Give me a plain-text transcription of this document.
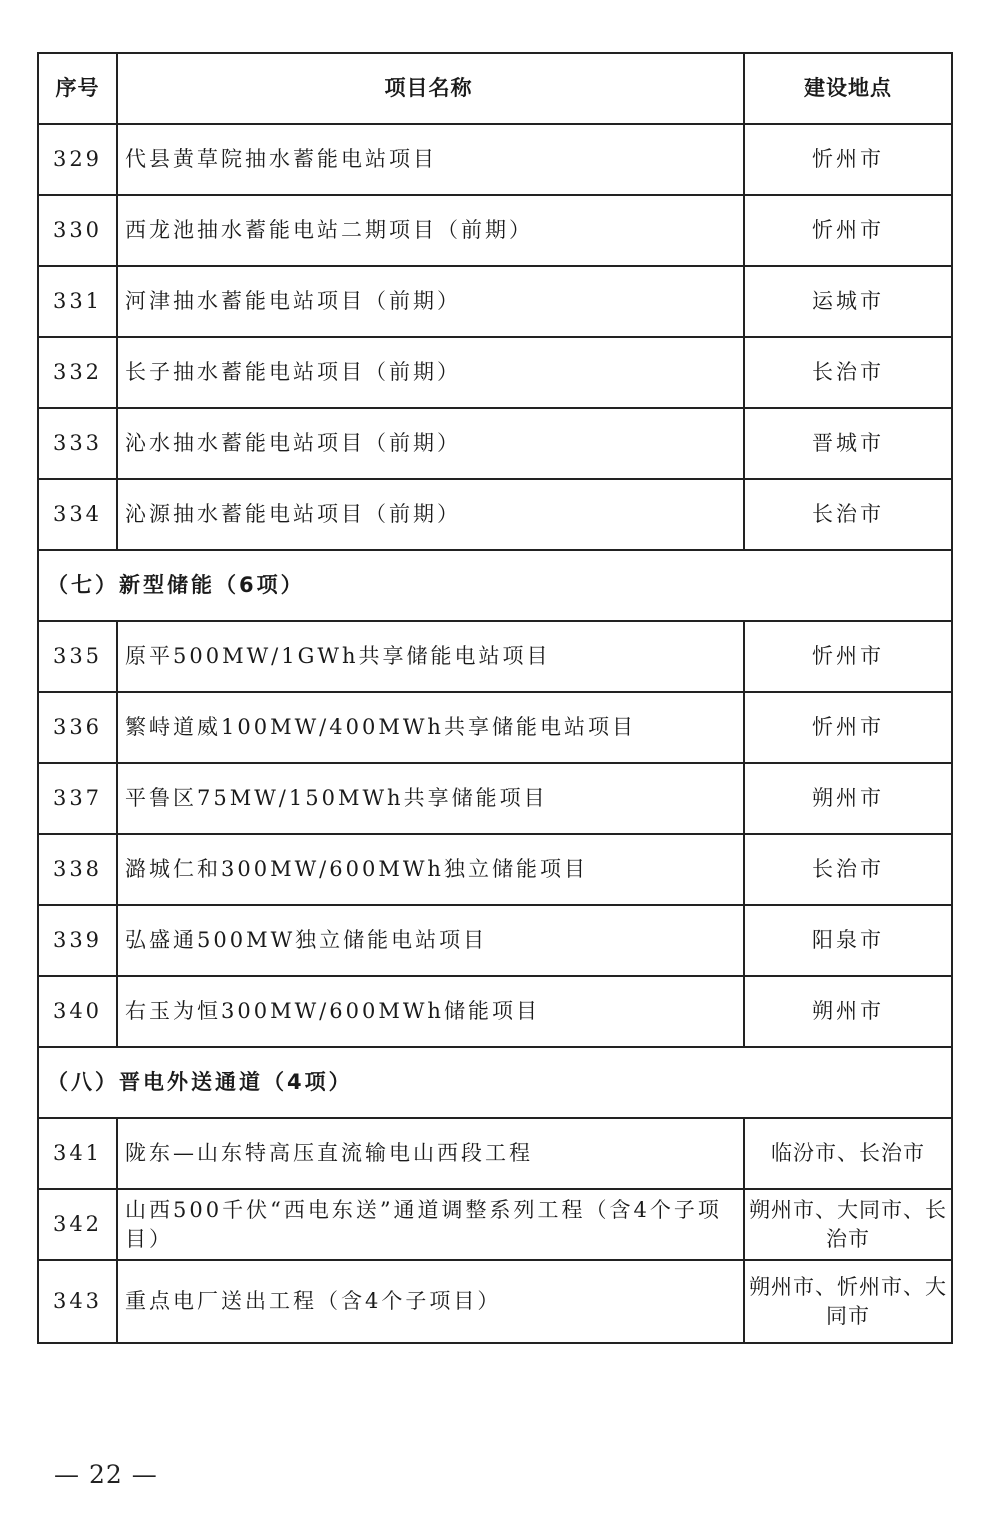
序号	项目名称	建设地点
329	代县黄草院抽水蓄能电站项目	忻州市
330	西龙池抽水蓄能电站二期项目（前期）	忻州市
331	河津抽水蓄能电站项目（前期）	运城市
332	长子抽水蓄能电站项目（前期）	长治市
333	沁水抽水蓄能电站项目（前期）	晋城市
334	沁源抽水蓄能电站项目（前期）	长治市
（七）新型储能（6项）		
335	原平500MW/1GWh共享储能电站项目	忻州市
336	繁峙道威100MW/400MWh共享储能电站项目	忻州市
337	平鲁区75MW/150MWh共享储能项目	朔州市
338	潞城仁和300MW/600MWh独立储能项目	长治市
339	弘盛通500MW独立储能电站项目	阳泉市
340	右玉为恒300MW/600MWh储能项目	朔州市
（八）晋电外送通道（4项）		
341	陇东—山东特高压直流输电山西段工程	临汾市、长治市
342	山西500千伏“西电东送”通道调整系列工程（含4个子项目）	朔州市、大同市、长治市
343	重点电厂送出工程（含4个子项目）	朔州市、忻州市、大同市
— 22 —
